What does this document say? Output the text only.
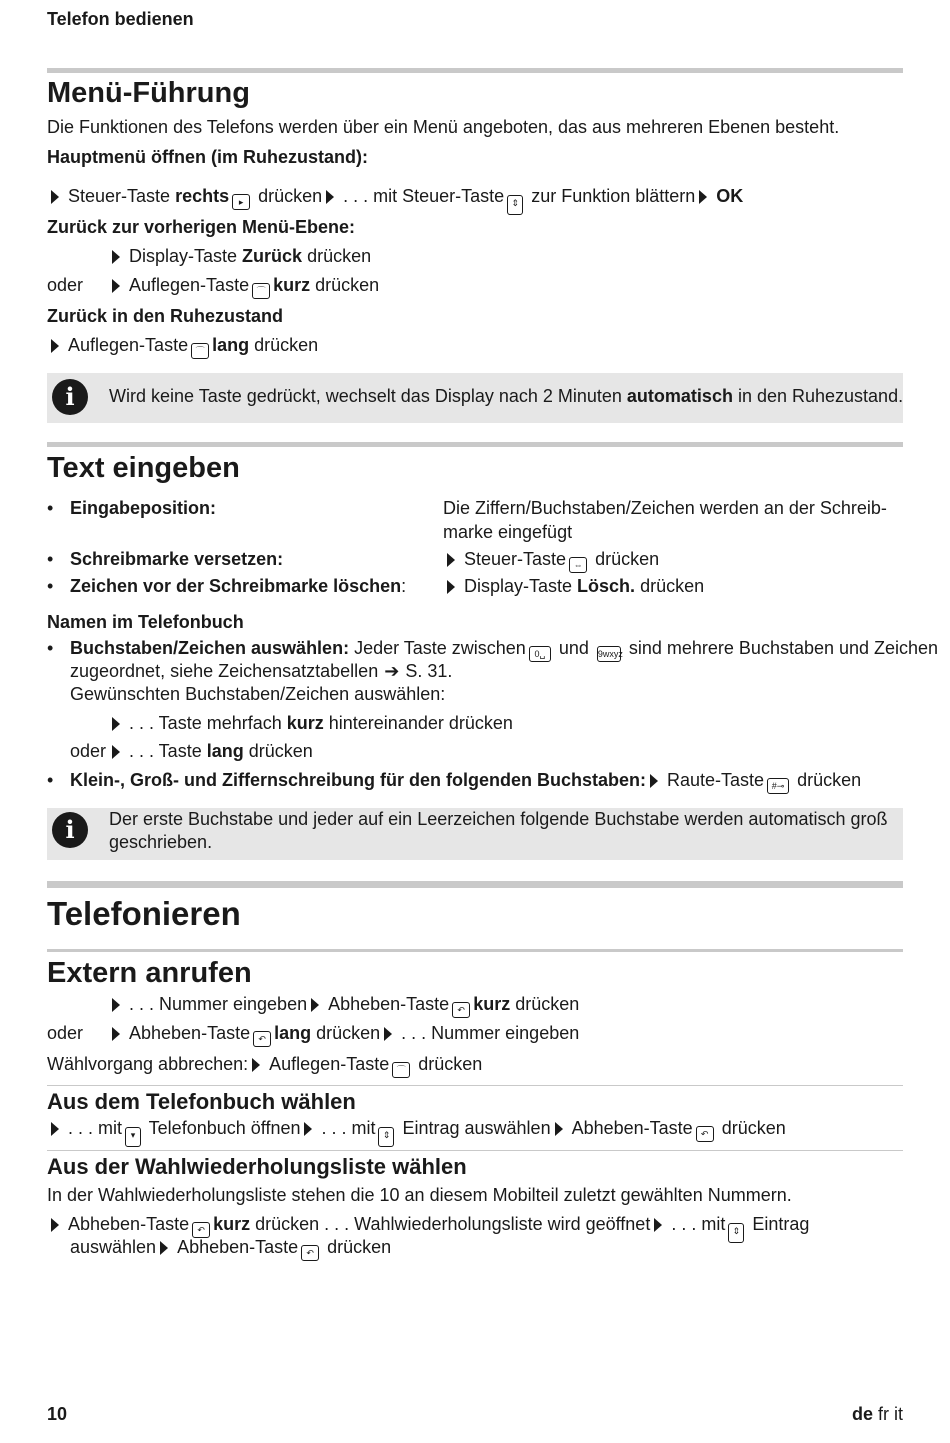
Telefon bedienen
Menü-Führung
Die Funktionen des Telefons werden über ein Menü angeboten, das aus mehreren Ebenen besteht.
Hauptmenü öffnen (im Ruhezustand):
Steuer-Taste rechts ▸ drücken . . . mit Steuer-Taste ⇕ zur Funktion blättern OK
Zurück zur vorherigen Menü-Ebene:
Display-Taste Zurück drücken
oder	Auflegen-Taste ⌒ kurz drücken
Zurück in den Ruhezustand
Auflegen-Taste ⌒ lang drücken
i	Wird keine Taste gedrückt, wechselt das Display nach 2 Minuten automatisch in den Ruhezustand.
Text eingeben
• Eingabeposition:	Die Ziffern/Buchstaben/Zeichen werden an der Schreib-
marke eingefügt
• Schreibmarke versetzen:	Steuer-Taste ⇔ drücken
• Zeichen vor der Schreibmarke löschen:	Display-Taste Lösch. drücken
Namen im Telefonbuch
• Buchstaben/Zeichen auswählen: Jeder Taste zwischen 0␣ und 9wxyz sind mehrere Buchstaben und Zeichen
zugeordnet, siehe Zeichensatztabellen ➔ S. 31.
Gewünschten Buchstaben/Zeichen auswählen:
. . . Taste mehrfach kurz hintereinander drücken
oder	. . . Taste lang drücken
• Klein-, Groß- und Ziffernschreibung für den folgenden Buchstaben: Raute-Taste #⊸ drücken
i	Der erste Buchstabe und jeder auf ein Leerzeichen folgende Buchstabe werden automatisch groß
geschrieben.
Telefonieren
Extern anrufen
. . . Nummer eingeben Abheben-Taste ↶ kurz drücken
oder	Abheben-Taste ↶ lang drücken . . . Nummer eingeben
Wählvorgang abbrechen: Auflegen-Taste ⌒ drücken
Aus dem Telefonbuch wählen
. . . mit ▾ Telefonbuch öffnen . . . mit ⇕ Eintrag auswählen Abheben-Taste ↶ drücken
Aus der Wahlwiederholungsliste wählen
In der Wahlwiederholungsliste stehen die 10 an diesem Mobilteil zuletzt gewählten Nummern.
Abheben-Taste ↶ kurz drücken . . . Wahlwiederholungsliste wird geöffnet . . . mit ⇕ Eintrag
auswählen Abheben-Taste ↶ drücken
10	de fr it
